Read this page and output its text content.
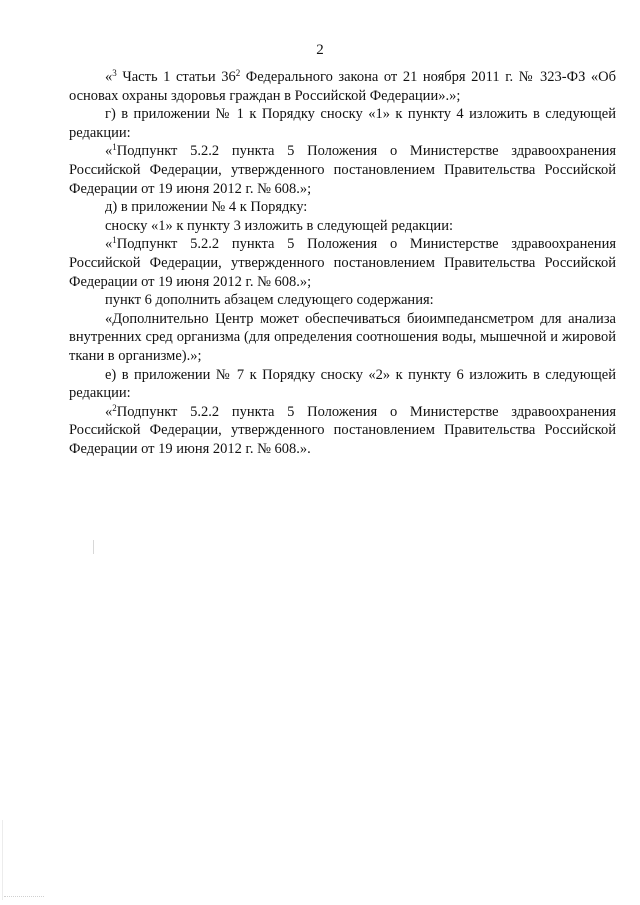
2

«$^3$ Часть 1 статьи $36^2$ Федерального закона от 21 ноября 2011 г. № 323-ФЗ «Об основах охраны здоровья граждан в Российской Федерации».»;

г) в приложении № 1 к Порядку сноску «1» к пункту 4 изложить в следующей редакции:

«$^1$Подпункт 5.2.2 пункта 5 Положения о Министерстве здравоохранения Российской Федерации, утвержденного постановлением Правительства Российской Федерации от 19 июня 2012 г. № 608.»;

д) в приложении № 4 к Порядку:

сноску «1» к пункту 3 изложить в следующей редакции:

«$^1$Подпункт 5.2.2 пункта 5 Положения о Министерстве здравоохранения Российской Федерации, утвержденного постановлением Правительства Российской Федерации от 19 июня 2012 г. № 608.»;

пункт 6 дополнить абзацем следующего содержания:

«Дополнительно Центр может обеспечиваться биоимпедансметром для анализа внутренних сред организма (для определения соотношения воды, мышечной и жировой ткани в организме).»;

е) в приложении № 7 к Порядку сноску «2» к пункту 6 изложить в следующей редакции:

«$^2$Подпункт 5.2.2 пункта 5 Положения о Министерстве здравоохранения Российской Федерации, утвержденного постановлением Правительства Российской Федерации от 19 июня 2012 г. № 608.».
